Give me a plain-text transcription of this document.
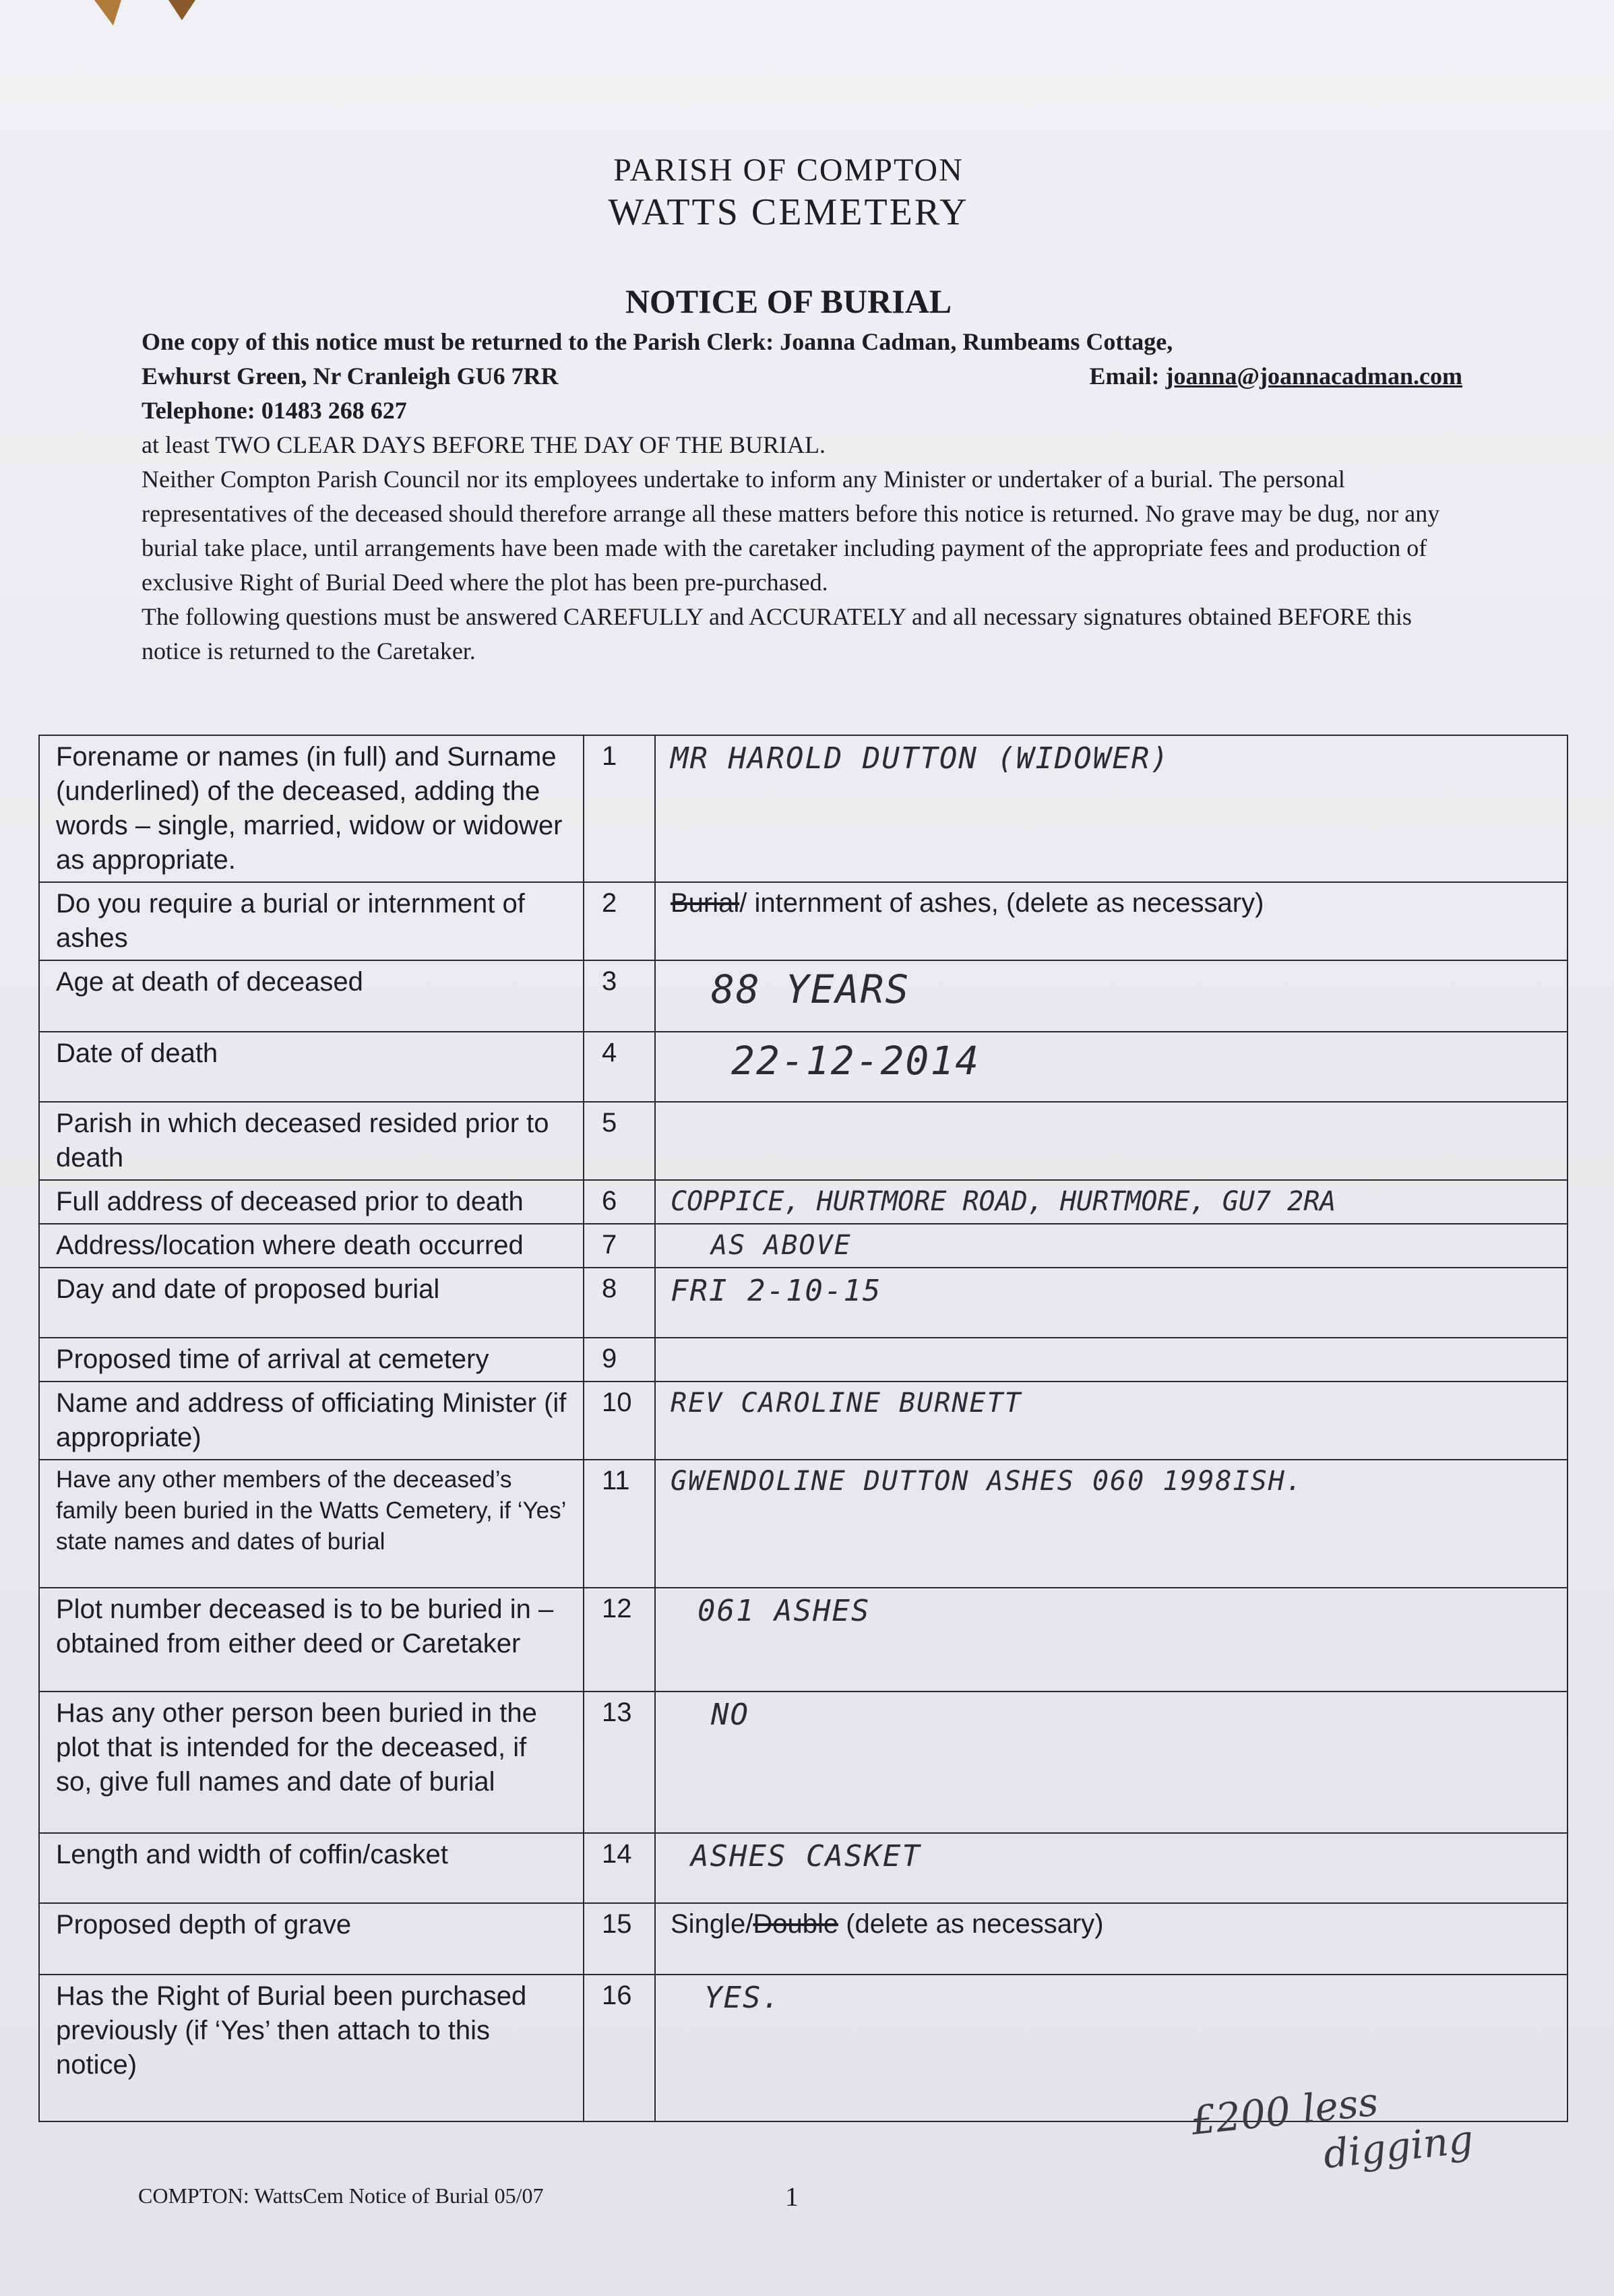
PARISH OF COMPTON
WATTS CEMETERY
NOTICE OF BURIAL
One copy of this notice must be returned to the Parish Clerk: Joanna Cadman, Rumbeams Cottage,
Ewhurst Green, Nr Cranleigh GU6 7RR	Email: joanna@joannacadman.com
Telephone: 01483 268 627
at least TWO CLEAR DAYS BEFORE THE DAY OF THE BURIAL.
Neither Compton Parish Council nor its employees undertake to inform any Minister or undertaker of a burial. The personal representatives of the deceased should therefore arrange all these matters before this notice is returned. No grave may be dug, nor any burial take place, until arrangements have been made with the caretaker including payment of the appropriate fees and production of exclusive Right of Burial Deed where the plot has been pre-purchased.
The following questions must be answered CAREFULLY and ACCURATELY and all necessary signatures obtained BEFORE this notice is returned to the Caretaker.
Forename or names (in full) and Surname (underlined) of the deceased, adding the words – single, married, widow or widower as appropriate.	1	MR HAROLD DUTTON (WIDOWER)
Do you require a burial or internment of ashes	2	Burial/ internment of ashes, (delete as necessary)
Age at death of deceased	3	88 YEARS
Date of death	4	22-12-2014
Parish in which deceased resided prior to death	5	
Full address of deceased prior to death	6	COPPICE, HURTMORE ROAD, HURTMORE, GU7 2RA
Address/location where death occurred	7	AS ABOVE
Day and date of proposed burial	8	FRI 2-10-15
Proposed time of arrival at cemetery	9	
Name and address of officiating Minister (if appropriate)	10	REV CAROLINE BURNETT
Have any other members of the deceased’s family been buried in the Watts Cemetery, if ‘Yes’ state names and dates of burial	11	GWENDOLINE DUTTON ASHES 060 1998ISH.
Plot number deceased is to be buried in – obtained from either deed or Caretaker	12	061 ASHES
Has any other person been buried in the plot that is intended for the deceased, if so, give full names and date of burial	13	NO
Length and width of coffin/casket	14	ASHES CASKET
Proposed depth of grave	15	Single/Double (delete as necessary)
Has the Right of Burial been purchased previously (if ‘Yes’ then attach to this notice)	16	YES.
£200 less
digging
COMPTON: WattsCem Notice of Burial 05/07	1
